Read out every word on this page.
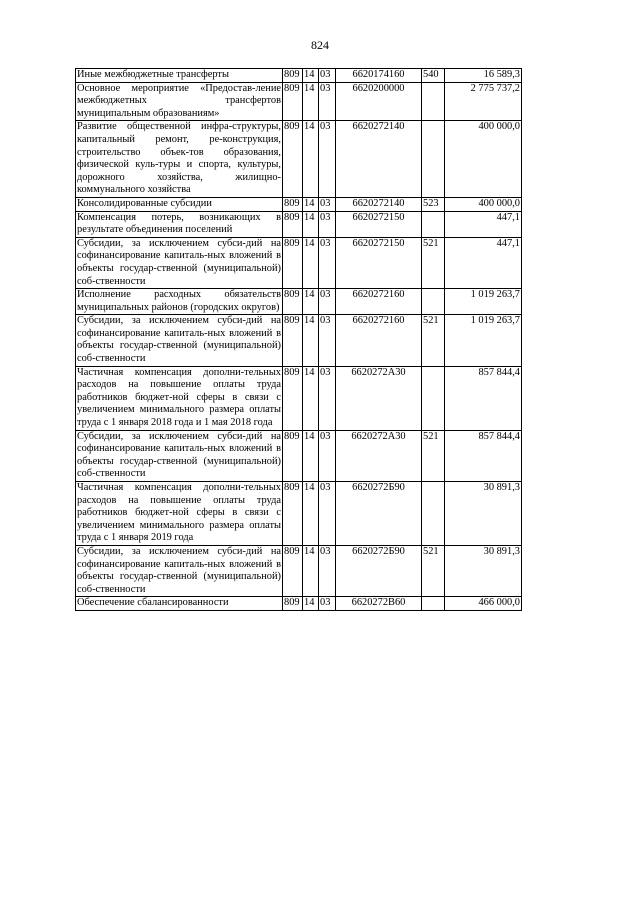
824
Иные межбюджетные трансферты	809	14	03	6620174160	540	16 589,3
Основное мероприятие «Предостав-ление межбюджетных трансфертов муниципальным образованиям»	809	14	03	6620200000		2 775 737,2
Развитие общественной инфра-структуры, капитальный ремонт, ре-конструкция, строительство объек-тов образования, физической куль-туры и спорта, культуры, дорожного хозяйства, жилищно-коммунального хозяйства	809	14	03	6620272140		400 000,0
Консолидированные субсидии	809	14	03	6620272140	523	400 000,0
Компенсация потерь, возникающих в результате объединения поселений	809	14	03	6620272150		447,1
Субсидии, за исключением субси-дий на софинансирование капиталь-ных вложений в объекты государ-ственной (муниципальной) соб-ственности	809	14	03	6620272150	521	447,1
Исполнение расходных обязательств муниципальных районов (городских округов)	809	14	03	6620272160		1 019 263,7
Субсидии, за исключением субси-дий на софинансирование капиталь-ных вложений в объекты государ-ственной (муниципальной) соб-ственности	809	14	03	6620272160	521	1 019 263,7
Частичная компенсация дополни-тельных расходов на повышение оплаты труда работников бюджет-ной сферы в связи с увеличением минимального размера оплаты труда с 1 января 2018 года и 1 мая 2018 года	809	14	03	6620272А30		857 844,4
Субсидии, за исключением субси-дий на софинансирование капиталь-ных вложений в объекты государ-ственной (муниципальной) соб-ственности	809	14	03	6620272А30	521	857 844,4
Частичная компенсация дополни-тельных расходов на повышение оплаты труда работников бюджет-ной сферы в связи с увеличением минимального размера оплаты труда с 1 января 2019 года	809	14	03	6620272Б90		30 891,3
Субсидии, за исключением субси-дий на софинансирование капиталь-ных вложений в объекты государ-ственной (муниципальной) соб-ственности	809	14	03	6620272Б90	521	30 891,3
Обеспечение сбалансированности	809	14	03	6620272В60		466 000,0
